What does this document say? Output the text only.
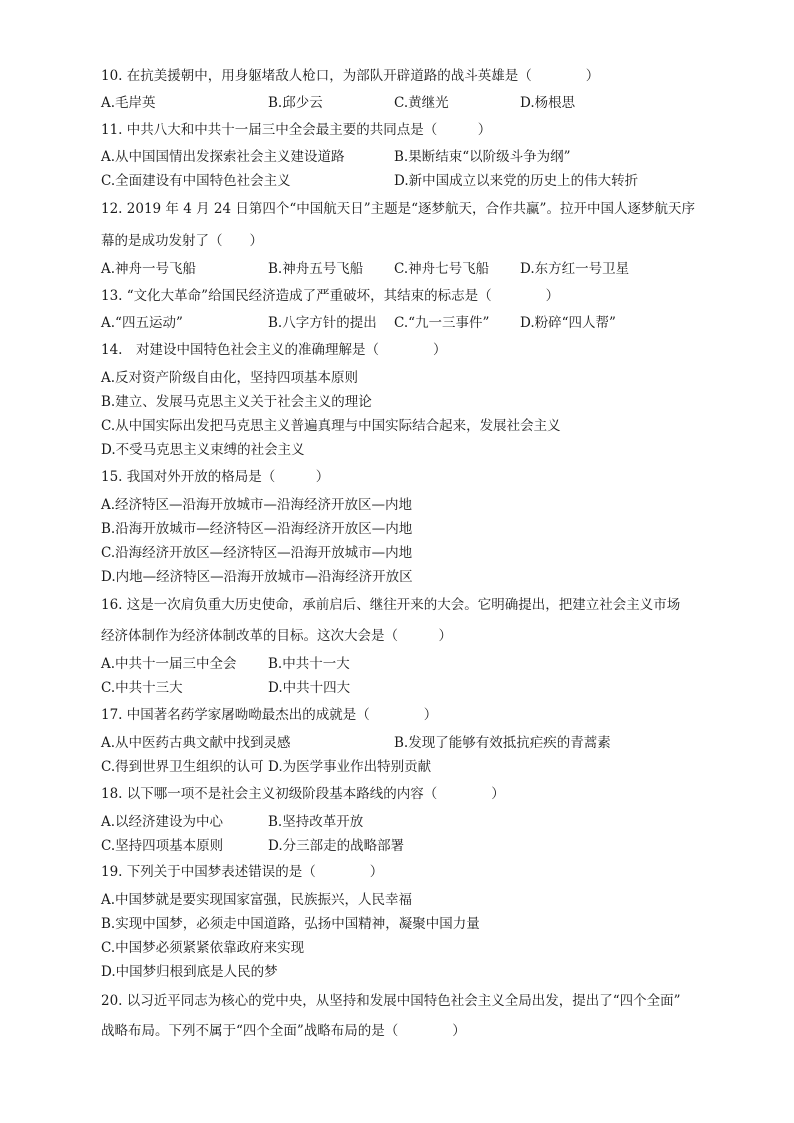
10. 在抗美援朝中，用身躯堵敌人枪口，为部队开辟道路的战斗英雄是（　　　　）
A.毛岸英	B.邱少云	C.黄继光	D.杨根思
11. 中共八大和中共十一届三中全会最主要的共同点是（　　　）
A.从中国国情出发探索社会主义建设道路	B.果断结束“以阶级斗争为纲”
C.全面建设有中国特色社会主义	D.新中国成立以来党的历史上的伟大转折
12. 2019 年 4 月 24 日第四个“中国航天日”主题是“逐梦航天，合作共赢”。拉开中国人逐梦航天序
幕的是成功发射了（　　）
A.神舟一号飞船	B.神舟五号飞船 C.神舟七号飞船 D.东方红一号卫星
13. “文化大革命”给国民经济造成了严重破坏，其结束的标志是（　　　　）
A.“四五运动”	B.八字方针的提出 C.“九一三事件” D.粉碎“四人帮”
14.　对建设中国特色社会主义的准确理解是（　　　　）
A.反对资产阶级自由化，坚持四项基本原则
B.建立、发展马克思主义关于社会主义的理论
C.从中国实际出发把马克思主义普遍真理与中国实际结合起来，发展社会主义
D.不受马克思主义束缚的社会主义
15. 我国对外开放的格局是（　　　）
A.经济特区—沿海开放城市—沿海经济开放区—内地
B.沿海开放城市—经济特区—沿海经济开放区—内地
C.沿海经济开放区—经济特区—沿海开放城市—内地
D.内地—经济特区—沿海开放城市—沿海经济开放区
16. 这是一次肩负重大历史使命，承前启后、继往开来的大会。它明确提出，把建立社会主义市场
经济体制作为经济体制改革的目标。这次大会是（　　　）
A.中共十一届三中全会 B.中共十一大
C.中共十三大	D.中共十四大
17. 中国著名药学家屠呦呦最杰出的成就是（　　　　）
A.从中医药古典文献中找到灵感	B.发现了能够有效抵抗疟疾的青蒿素
C.得到世界卫生组织的认可 D.为医学事业作出特别贡献
18. 以下哪一项不是社会主义初级阶段基本路线的内容（　　　　）
A.以经济建设为中心	B.坚持改革开放
C.坚持四项基本原则	D.分三部走的战略部署
19. 下列关于中国梦表述错误的是（　　　　）
A.中国梦就是要实现国家富强，民族振兴，人民幸福
B.实现中国梦，必须走中国道路，弘扬中国精神，凝聚中国力量
C.中国梦必须紧紧依靠政府来实现
D.中国梦归根到底是人民的梦
20. 以习近平同志为核心的党中央，从坚持和发展中国特色社会主义全局出发，提出了“四个全面”
战略布局。下列不属于“四个全面”战略布局的是（　　　　）
